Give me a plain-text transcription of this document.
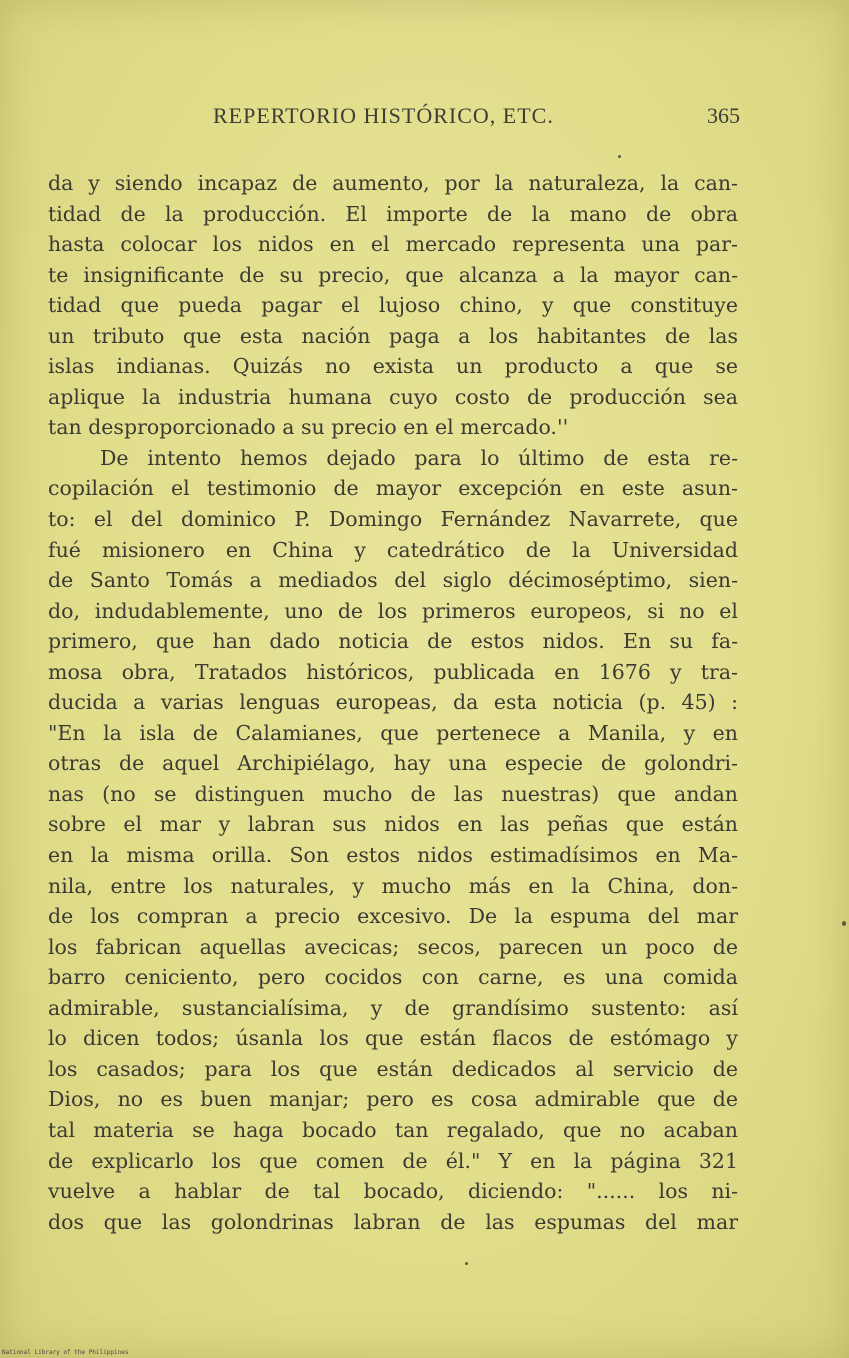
REPERTORIO HISTÓRICO, ETC.	365
da y siendo incapaz de aumento, por la naturaleza, la can-
tidad de la producción. El importe de la mano de obra
hasta colocar los nidos en el mercado representa una par-
te insignificante de su precio, que alcanza a la mayor can-
tidad que pueda pagar el lujoso chino, y que constituye
un tributo que esta nación paga a los habitantes de las
islas indianas. Quizás no exista un producto a que se
aplique la industria humana cuyo costo de producción sea
tan desproporcionado a su precio en el mercado.''
De intento hemos dejado para lo último de esta re-
copilación el testimonio de mayor excepción en este asun-
to: el del dominico P. Domingo Fernández Navarrete, que
fué misionero en China y catedrático de la Universidad
de Santo Tomás a mediados del siglo décimoséptimo, sien-
do, indudablemente, uno de los primeros europeos, si no el
primero, que han dado noticia de estos nidos. En su fa-
mosa obra, Tratados históricos, publicada en 1676 y tra-
ducida a varias lenguas europeas, da esta noticia (p. 45) :
"En la isla de Calamianes, que pertenece a Manila, y en
otras de aquel Archipiélago, hay una especie de golondri-
nas (no se distinguen mucho de las nuestras) que andan
sobre el mar y labran sus nidos en las peñas que están
en la misma orilla. Son estos nidos estimadísimos en Ma-
nila, entre los naturales, y mucho más en la China, don-
de los compran a precio excesivo. De la espuma del mar
los fabrican aquellas avecicas; secos, parecen un poco de
barro ceniciento, pero cocidos con carne, es una comida
admirable, sustancialísima, y de grandísimo sustento: así
lo dicen todos; úsanla los que están flacos de estómago y
los casados; para los que están dedicados al servicio de
Dios, no es buen manjar; pero es cosa admirable que de
tal materia se haga bocado tan regalado, que no acaban
de explicarlo los que comen de él." Y en la página 321
vuelve a hablar de tal bocado, diciendo: "...... los ni-
dos que las golondrinas labran de las espumas del mar
National Library of the Philippines
